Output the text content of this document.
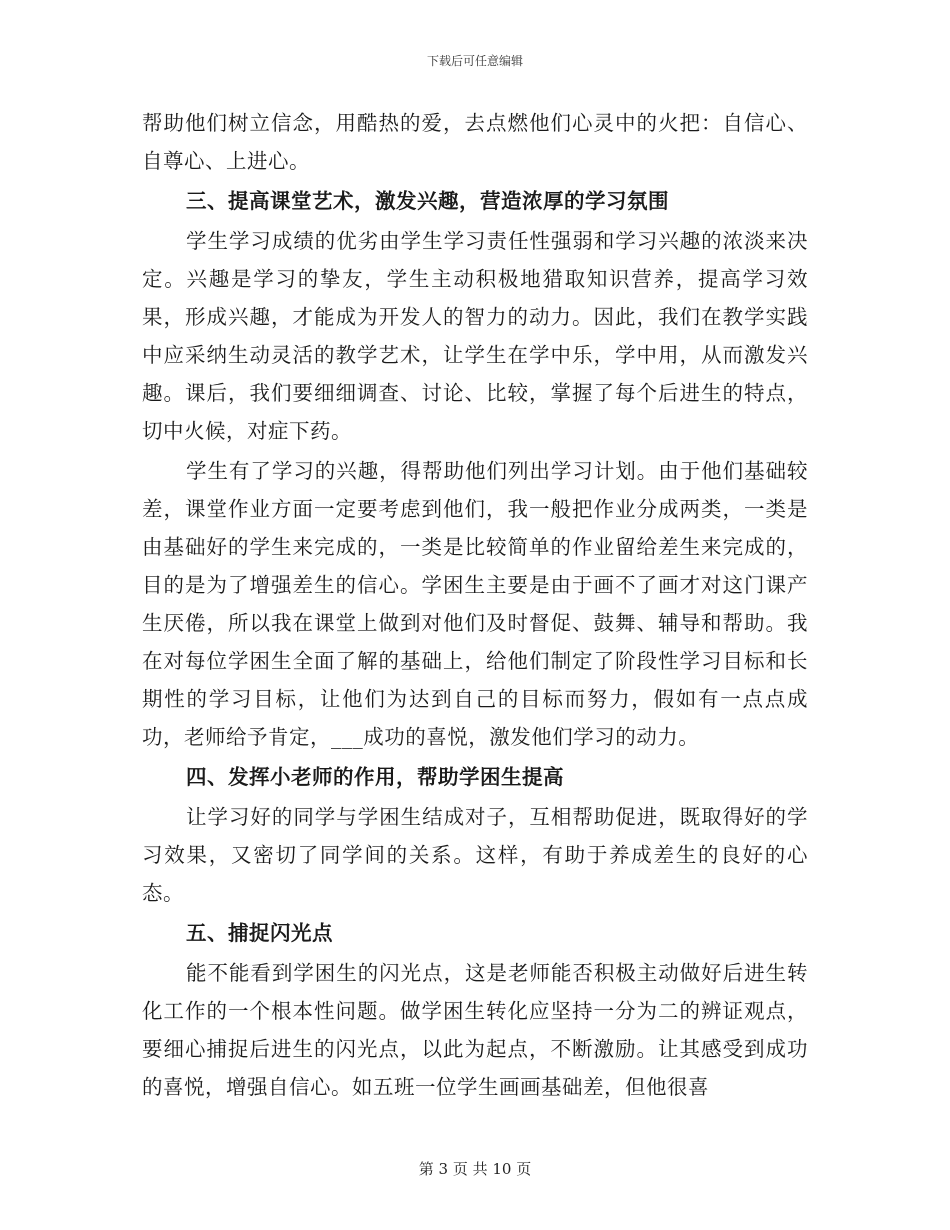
下载后可任意编辑

帮助他们树立信念，用酷热的爱，去点燃他们心灵中的火把：自信心、自尊心、上进心。

三、提高课堂艺术，激发兴趣，营造浓厚的学习氛围

学生学习成绩的优劣由学生学习责任性强弱和学习兴趣的浓淡来决定。兴趣是学习的挚友，学生主动积极地猎取知识营养，提高学习效果，形成兴趣，才能成为开发人的智力的动力。因此，我们在教学实践中应采纳生动灵活的教学艺术，让学生在学中乐，学中用，从而激发兴趣。课后，我们要细细调查、讨论、比较，掌握了每个后进生的特点，切中火候，对症下药。

学生有了学习的兴趣，得帮助他们列出学习计划。由于他们基础较差，课堂作业方面一定要考虑到他们，我一般把作业分成两类，一类是由基础好的学生来完成的，一类是比较简单的作业留给差生来完成的，目的是为了增强差生的信心。学困生主要是由于画不了画才对这门课产生厌倦，所以我在课堂上做到对他们及时督促、鼓舞、辅导和帮助。我在对每位学困生全面了解的基础上，给他们制定了阶段性学习目标和长期性的学习目标，让他们为达到自己的目标而努力，假如有一点点成功，老师给予肯定，___成功的喜悦，激发他们学习的动力。

四、发挥小老师的作用，帮助学困生提高

让学习好的同学与学困生结成对子，互相帮助促进，既取得好的学习效果，又密切了同学间的关系。这样，有助于养成差生的良好的心态。

五、捕捉闪光点

能不能看到学困生的闪光点，这是老师能否积极主动做好后进生转化工作的一个根本性问题。做学困生转化应坚持一分为二的辨证观点，要细心捕捉后进生的闪光点，以此为起点，不断激励。让其感受到成功的喜悦，增强自信心。如五班一位学生画画基础差，但他很喜

第 3 页 共 10 页
